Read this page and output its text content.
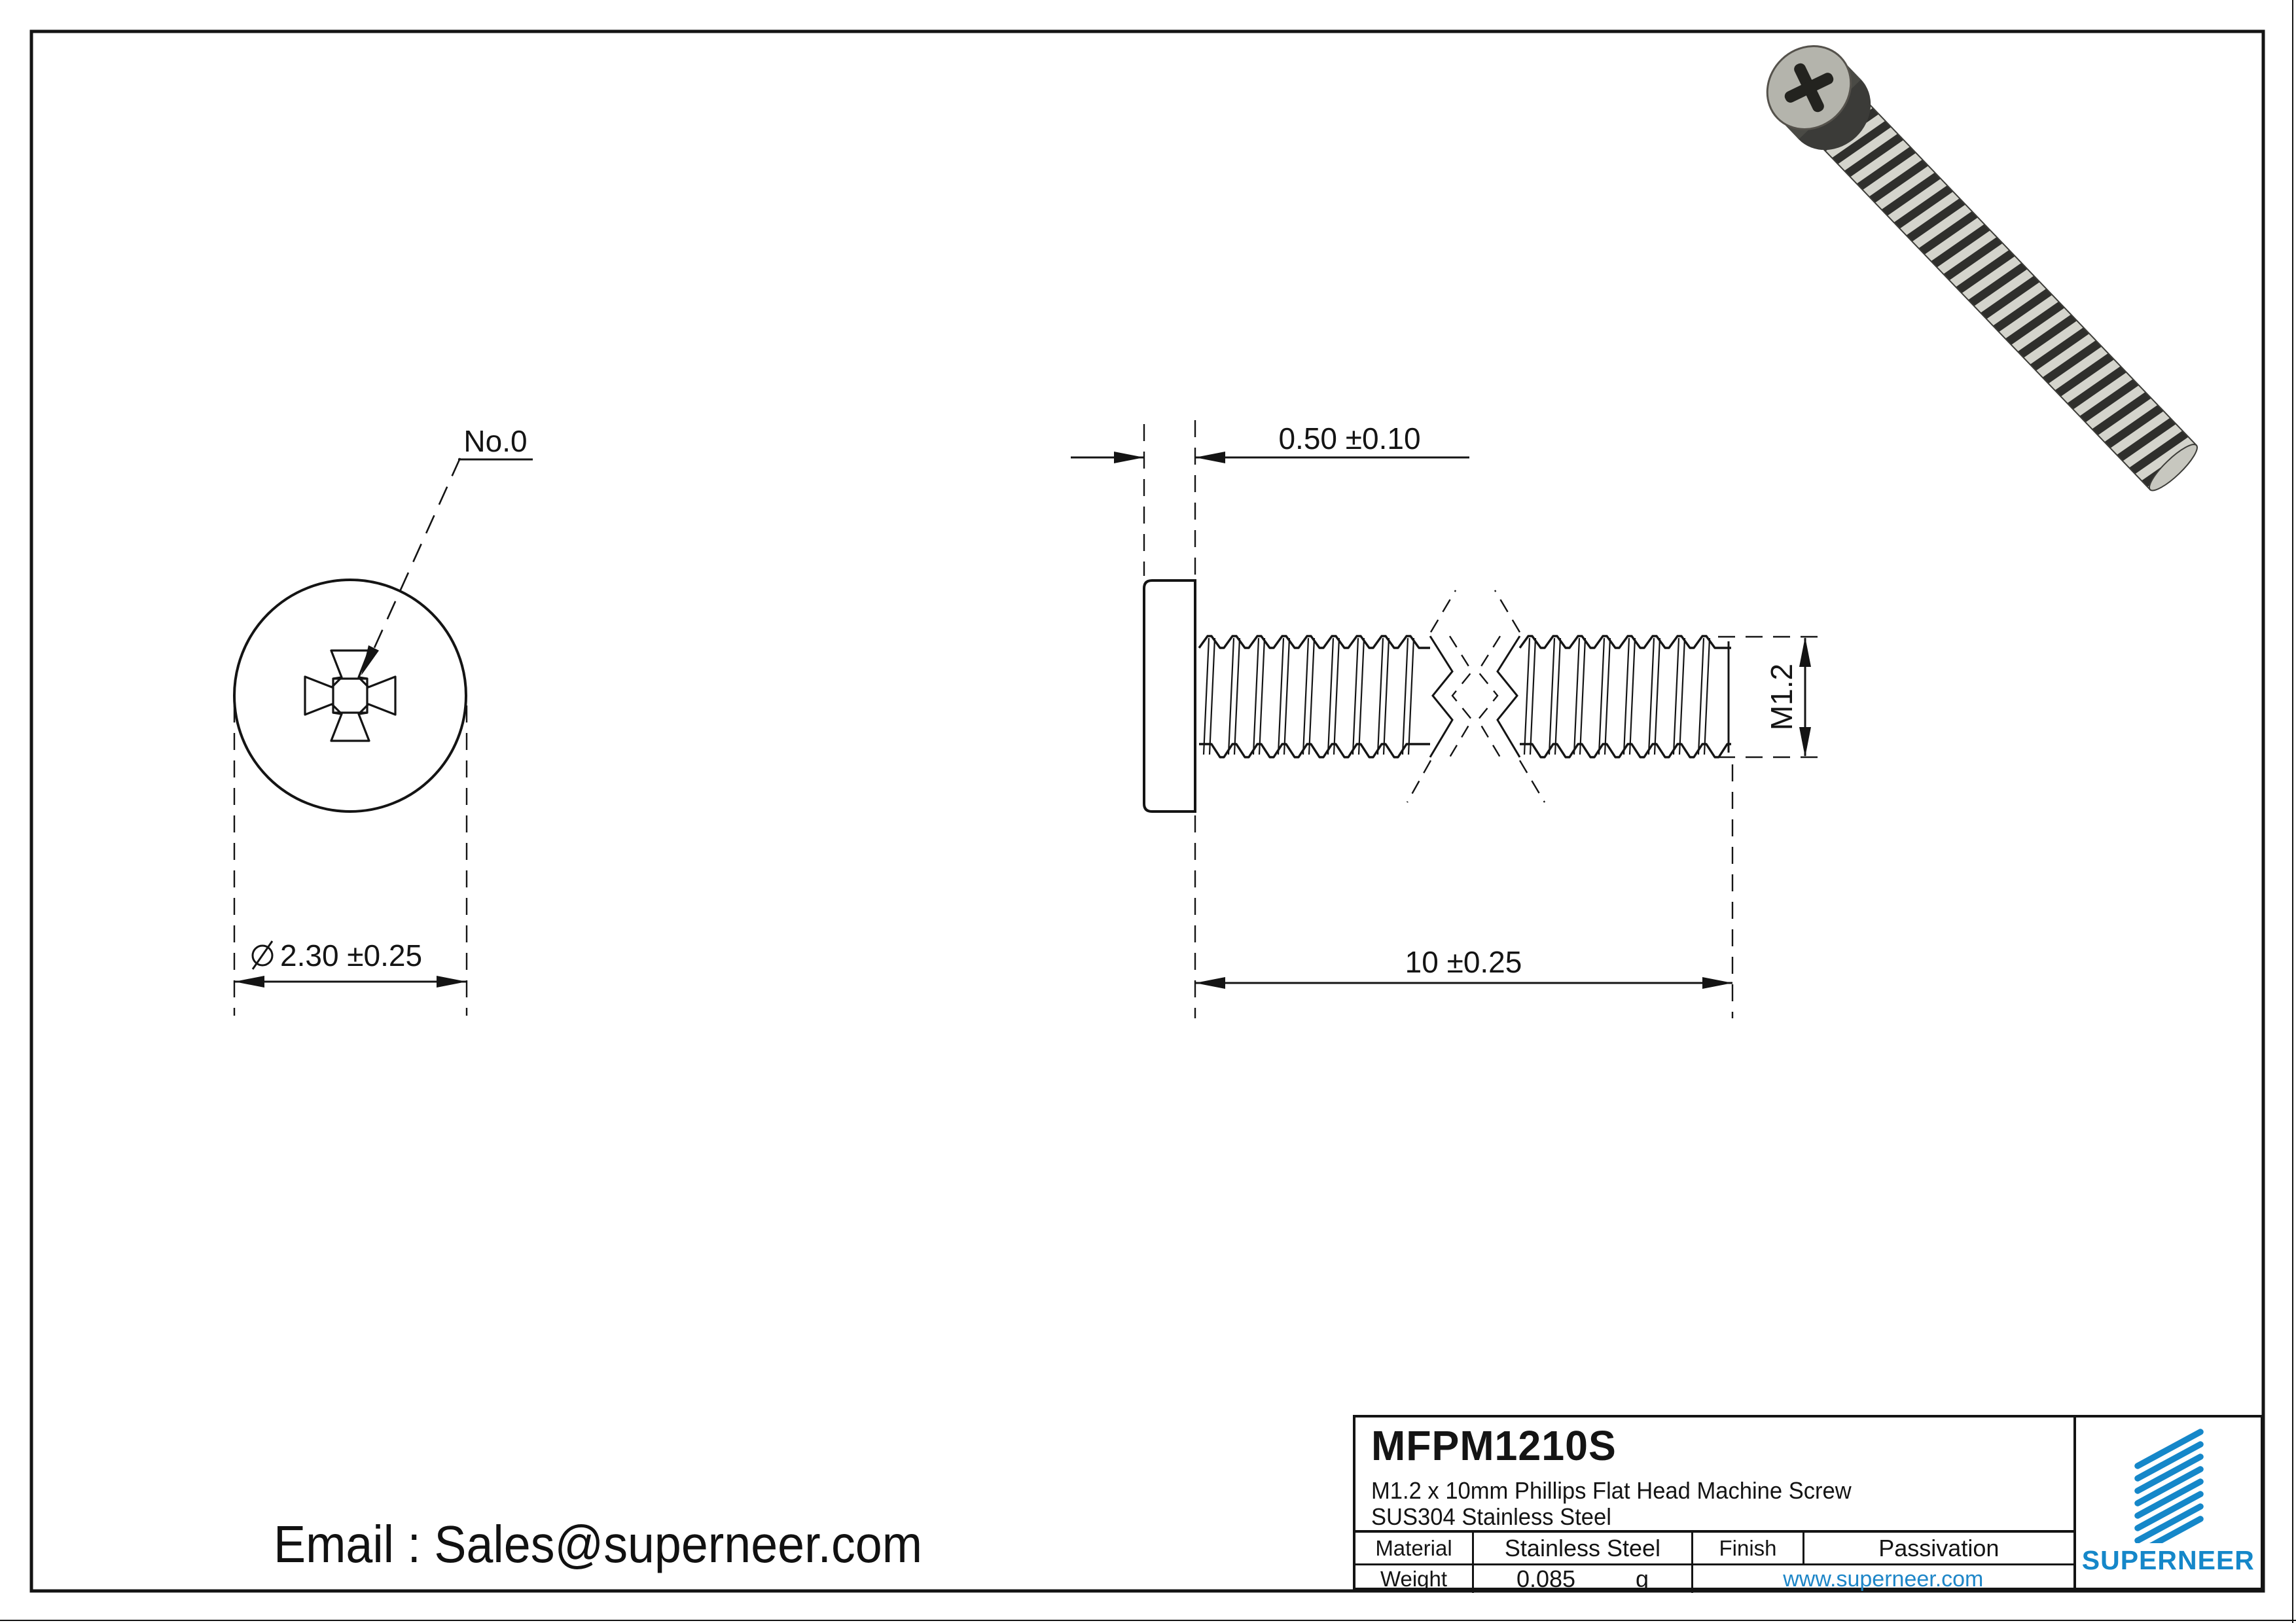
No.0
2.30 ±0.25
0.50 ±0.10
M1.2
10 ±0.25
Email : Sales@superneer.com
MFPM1210S
M1.2 x 10mm Phillips Flat Head Machine Screw
SUS304 Stainless Steel
Material	Stainless Steel	Finish	Passivation
Weight	0.085	g	www.superneer.com
SUPERNEER
